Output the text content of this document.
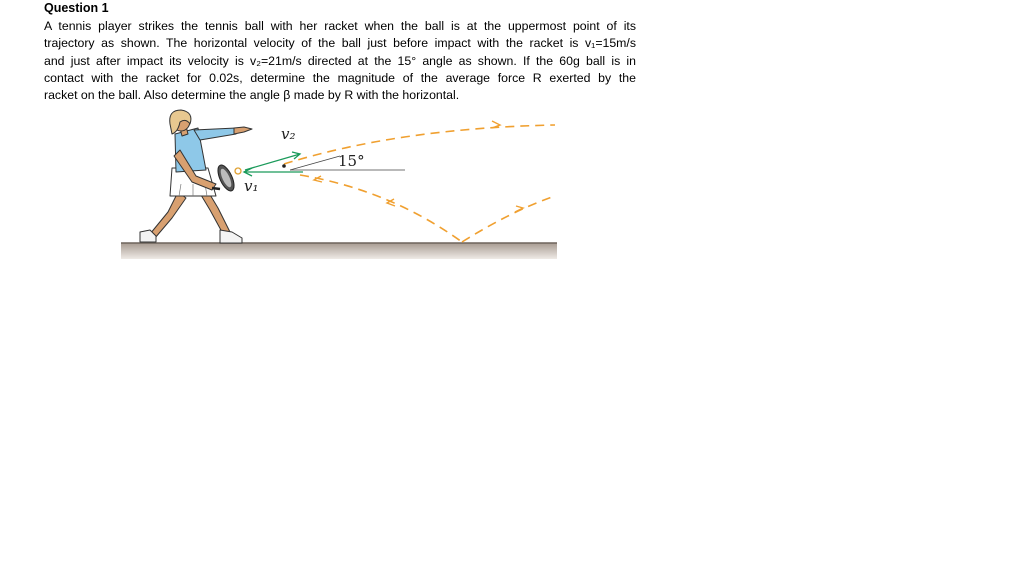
Question 1
A tennis player strikes the tennis ball with her racket when the ball is at the uppermost point of its
trajectory as shown. The horizontal velocity of the ball just before impact with the racket is v₁=15m/s
and just after impact its velocity is v₂=21m/s directed at the 15° angle as shown. If the 60g ball is in
contact with the racket for 0.02s, determine the magnitude of the average force R exerted by the
racket on the ball. Also determine the angle β made by R with the horizontal.
v₂
15°
v₁
